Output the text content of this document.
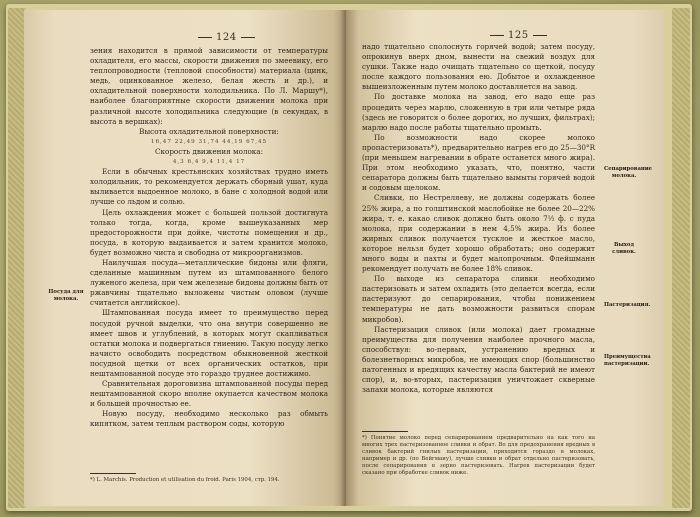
124

зения находится в прямой зависимости от температуры охладителя, его массы, скорости движения по змеевику, его теплопроводности (тепловой способности) материала (цинк, медь, оцинкованное железо, белая жесть и др.), и охладительной поверхности холодильника. По Л. Маршу*), наиболее благоприятные скорости движения молока при различной высоте холодильника следующие (в секундах, в высота в вершках):

Высота охладительной поверхности:

16,47 22,49 31,74 44,19 67,45

Скорость движения молока:

4,3 6,4 9,4 11,4 17

Если в обычных крестьянских хозяйствах трудно иметь холодильник, то рекомендуется держать сборный ушат, куда выливается выдоенное молоко, в бане с холодной водой или лучше со льдом и солью.

Цель охлаждения может с большей пользой достигнута только тогда, когда, кроме вышеуказанных мер предосторожности при дойке, чистоты помещения и др., посуда, в которую выдаивается и затем хранится молоко, будет возможно чиста и свободна от микроорганизмов.

Наилучшая посуда—металлические бидоны или фляги, сделанные машинным путем из штампованного белого луженого железа, при чем железные бидоны должны быть от ржавчины тщательно выложены чистым оловом (лучше считается английское).

Штампованная посуда имеет то преимущество перед посудой ручной выделки, что она внутри совершенно не имеет швов и углублений, в которых могут скапливаться остатки молока и подвергаться гниению. Такую посуду легко начисто освободить посредством обыкновенной жесткой посудной щетки от всех органических остатков, при нештампованной посуде это гораздо труднее достижимо.

Сравнительная дороговизна штампованной посуды перед нештампованной скоро вполне окупается качеством молока и большей прочностью ее.

Новую посуду, необходимо несколько раз обмыть кипятком, затем теплым раствором соды, которую

Посуда для молока.
*) L. Marchis. Production et utilisation du froid. Paris 1904, стр. 194.
125

надо тщательно сполоснуть горячей водой; затем посуду, опрокинув вверх дном, вынести на свежий воздух для сушки. Также надо очищать тщательно со щеткой, посуду после каждого пользования ею. Добытое и охлажденное вышеизложенным путем молоко доставляется на завод.

По доставке молока на завод, его надо еще раз процедить через марлю, сложенную в три или четыре ряда (здесь не говорится о более дорогих, но лучших, фильтрах); марлю надо после работы тщательно промыть.

По возможности надо скорее молоко пропастеризовать*), предварительно нагрев его до 25—30°R (при меньшем нагревании в обрате останется много жира). При этом необходимо указать, что, понятно, части сепаратора должны быть тщательно вымыты горячей водой и содовым щелоком.

Сливки, по Нестреляеву, не должны содержать более 25% жира, а по голштинской маслобойке не более 20—22% жира, т. е. какао сливок должно быть около 7½ ф. с пуда молока, при содержании в нем 4,5% жира. Из более жирных сливок получается тусклое и жесткое масло, которое нельзя будет хорошо обработать; оно содержит много воды и пахты и будет малопрочным. Флейшманн рекомендует получать не более 18% сливок.

По выходе из сепаратора сливки необходимо пастеризовать и затем охладить (это делается всегда, если пастеризуют до сепарирования, чтобы понижением температуры не дать возможности развиться спорам микробов).

Пастеризация сливок (или молока) дает громадные преимущества для получения наиболее прочного масла, способствуя: во-первых, устранению вредных и болезнетворных микробов, не имеющих спор (большинство патогенных и вредящих качеству масла бактерий не имеют спор), и, во-вторых, пастеризация уничтожает скверные запахи молока, которые являются

Сепарирование молока.
Выход сливок.
Пастеризация.
Преимущества пастеризации.
*) Понятие молоко перед сепарированием предварительно на как того на многих трех пастеризованное сливки и обрат. Во для предохранения вредных в сливок бактерий гнилых пастеризации, приходится гораздо в молоках, например и др. (по Вейгману), лучше сливки и обрат отдельно пастеризовать, после сепарирования в зерно пастеризовать. Нагрев пастеризации будет сказано при обработке сливок ниже.
